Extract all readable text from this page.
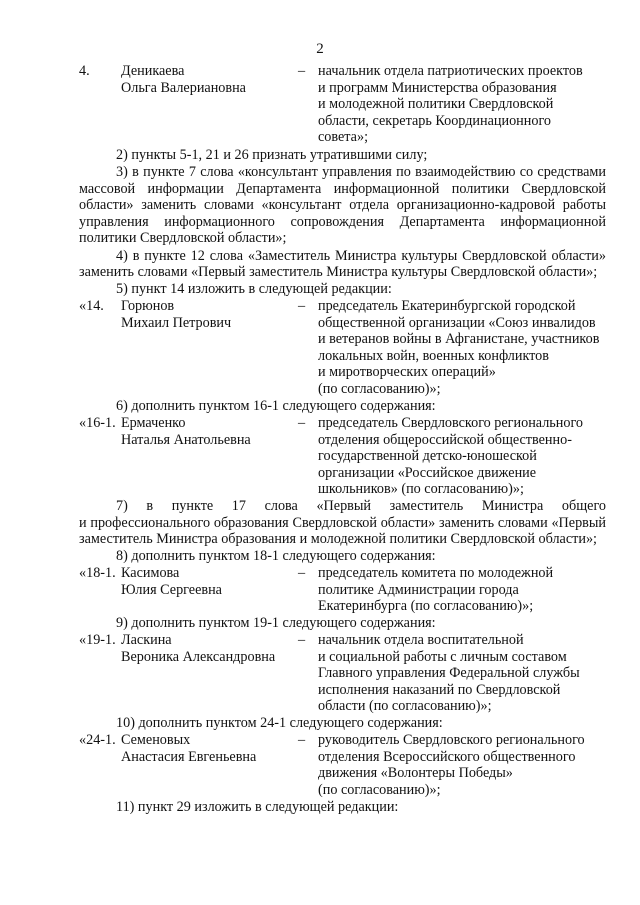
2
4. Деникаева
Ольга Валериановна
– начальник отдела патриотических проектов
и программ Министерства образования
и молодежной политики Свердловской
области, секретарь Координационного
совета»;
2) пункты 5-1, 21 и 26 признать утратившими силу;
3) в пункте 7 слова «консультант управления по взаимодействию со средствами
массовой информации Департамента информационной политики Свердловской
области» заменить словами «консультант отдела организационно-кадровой работы
управления информационного сопровождения Департамента информационной
политики Свердловской области»;
4) в пункте 12 слова «Заместитель Министра культуры Свердловской области»
заменить словами «Первый заместитель Министра культуры Свердловской области»;
5) пункт 14 изложить в следующей редакции:
«14. Горюнов
Михаил Петрович
– председатель Екатеринбургской городской
общественной организации «Союз инвалидов
и ветеранов войны в Афганистане, участников
локальных войн, военных конфликтов
и миротворческих операций»
(по согласованию)»;
6) дополнить пунктом 16-1 следующего содержания:
«16-1. Ермаченко
Наталья Анатольевна
– председатель Свердловского регионального
отделения общероссийской общественно-
государственной детско-юношеской
организации «Российское движение
школьников» (по согласованию)»;
7) в пункте 17 слова «Первый заместитель Министра общего
и профессионального образования Свердловской области» заменить словами «Первый
заместитель Министра образования и молодежной политики Свердловской области»;
8) дополнить пунктом 18-1 следующего содержания:
«18-1. Касимова
Юлия Сергеевна
– председатель комитета по молодежной
политике Администрации города
Екатеринбурга (по согласованию)»;
9) дополнить пунктом 19-1 следующего содержания:
«19-1. Ласкина
Вероника Александровна
– начальник отдела воспитательной
и социальной работы с личным составом
Главного управления Федеральной службы
исполнения наказаний по Свердловской
области (по согласованию)»;
10) дополнить пунктом 24-1 следующего содержания:
«24-1. Семеновых
Анастасия Евгеньевна
– руководитель Свердловского регионального
отделения Всероссийского общественного
движения «Волонтеры Победы»
(по согласованию)»;
11) пункт 29 изложить в следующей редакции:
